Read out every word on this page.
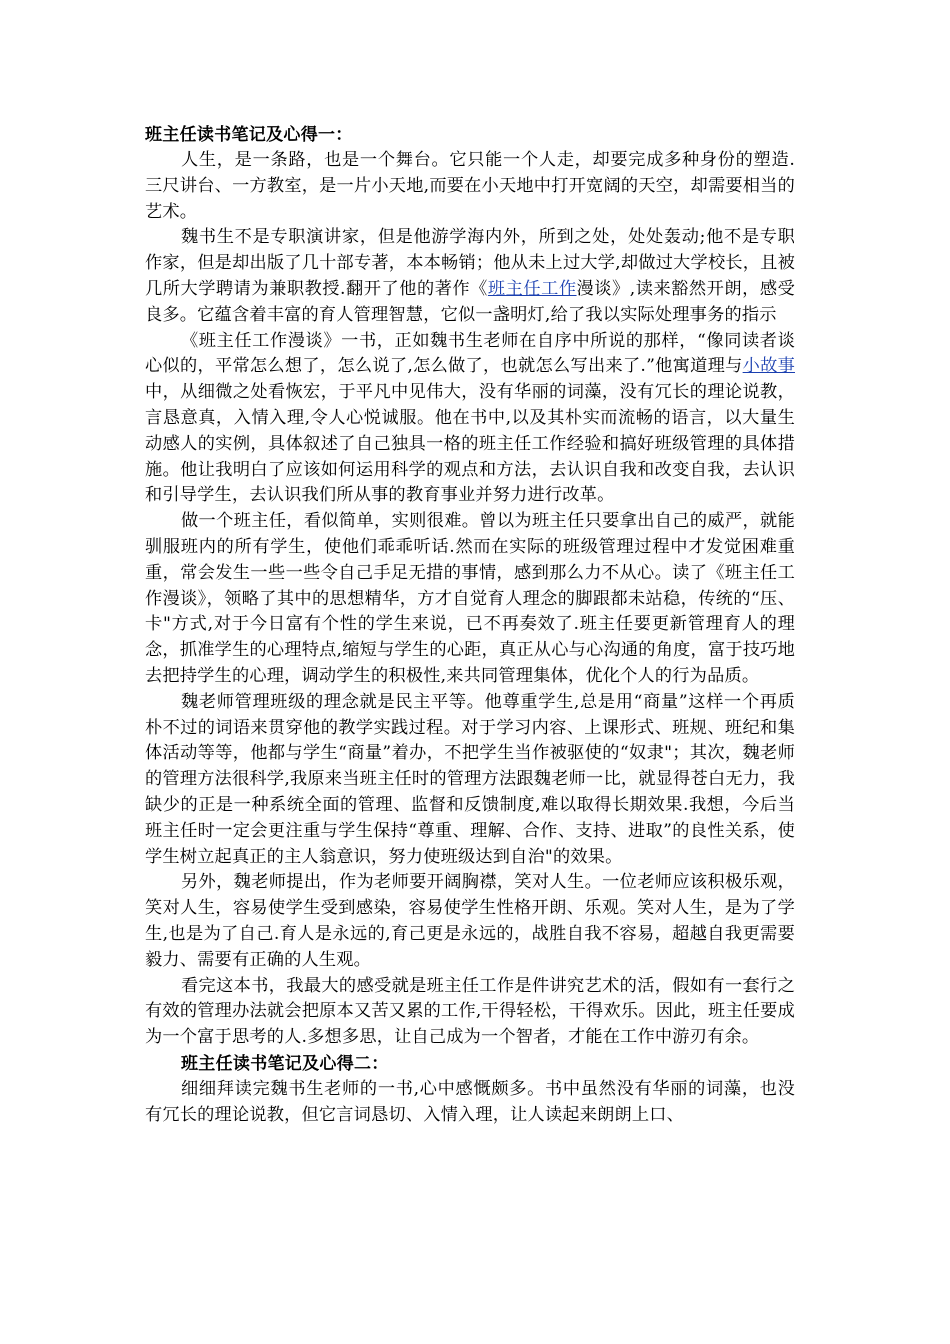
班主任读书笔记及心得一：

人生，是一条路，也是一个舞台。它只能一个人走，却要完成多种身份的塑造.三尺讲台、一方教室，是一片小天地,而要在小天地中打开宽阔的天空，却需要相当的艺术。

魏书生不是专职演讲家，但是他游学海内外，所到之处，处处轰动;他不是专职作家，但是却出版了几十部专著，本本畅销；他从未上过大学,却做过大学校长，且被几所大学聘请为兼职教授.翻开了他的著作《班主任工作漫谈》,读来豁然开朗，感受良多。它蕴含着丰富的育人管理智慧，它似一盏明灯,给了我以实际处理事务的指示

《班主任工作漫谈》一书，正如魏书生老师在自序中所说的那样，“像同读者谈心似的，平常怎么想了，怎么说了,怎么做了，也就怎么写出来了.”他寓道理与小故事中，从细微之处看恢宏，于平凡中见伟大，没有华丽的词藻，没有冗长的理论说教，言恳意真，入情入理,令人心悦诚服。他在书中,以及其朴实而流畅的语言，以大量生动感人的实例，具体叙述了自己独具一格的班主任工作经验和搞好班级管理的具体措施。他让我明白了应该如何运用科学的观点和方法，去认识自我和改变自我，去认识和引导学生，去认识我们所从事的教育事业并努力进行改革。

做一个班主任，看似简单，实则很难。曾以为班主任只要拿出自己的威严，就能驯服班内的所有学生，使他们乖乖听话.然而在实际的班级管理过程中才发觉困难重重，常会发生一些一些令自己手足无措的事情，感到那么力不从心。读了《班主任工作漫谈》，领略了其中的思想精华，方才自觉育人理念的脚跟都未站稳，传统的“压、卡"方式,对于今日富有个性的学生来说，已不再奏效了.班主任要更新管理育人的理念，抓准学生的心理特点,缩短与学生的心距，真正从心与心沟通的角度，富于技巧地去把持学生的心理，调动学生的积极性,来共同管理集体，优化个人的行为品质。

魏老师管理班级的理念就是民主平等。他尊重学生,总是用“商量”这样一个再质朴不过的词语来贯穿他的教学实践过程。对于学习内容、上课形式、班规、班纪和集体活动等等，他都与学生“商量”着办，不把学生当作被驱使的“奴隶"；其次，魏老师的管理方法很科学,我原来当班主任时的管理方法跟魏老师一比，就显得苍白无力，我缺少的正是一种系统全面的管理、监督和反馈制度,难以取得长期效果.我想，今后当班主任时一定会更注重与学生保持“尊重、理解、合作、支持、进取”的良性关系，使学生树立起真正的主人翁意识，努力使班级达到自治"的效果。

另外，魏老师提出，作为老师要开阔胸襟，笑对人生。一位老师应该积极乐观，笑对人生，容易使学生受到感染，容易使学生性格开朗、乐观。笑对人生，是为了学生,也是为了自己.育人是永远的,育己更是永远的，战胜自我不容易，超越自我更需要毅力、需要有正确的人生观。

看完这本书，我最大的感受就是班主任工作是件讲究艺术的活，假如有一套行之有效的管理办法就会把原本又苦又累的工作,干得轻松，干得欢乐。因此，班主任要成为一个富于思考的人.多想多思，让自己成为一个智者，才能在工作中游刃有余。

班主任读书笔记及心得二：

细细拜读完魏书生老师的一书,心中感慨颇多。书中虽然没有华丽的词藻，也没有冗长的理论说教，但它言词恳切、入情入理，让人读起来朗朗上口、
